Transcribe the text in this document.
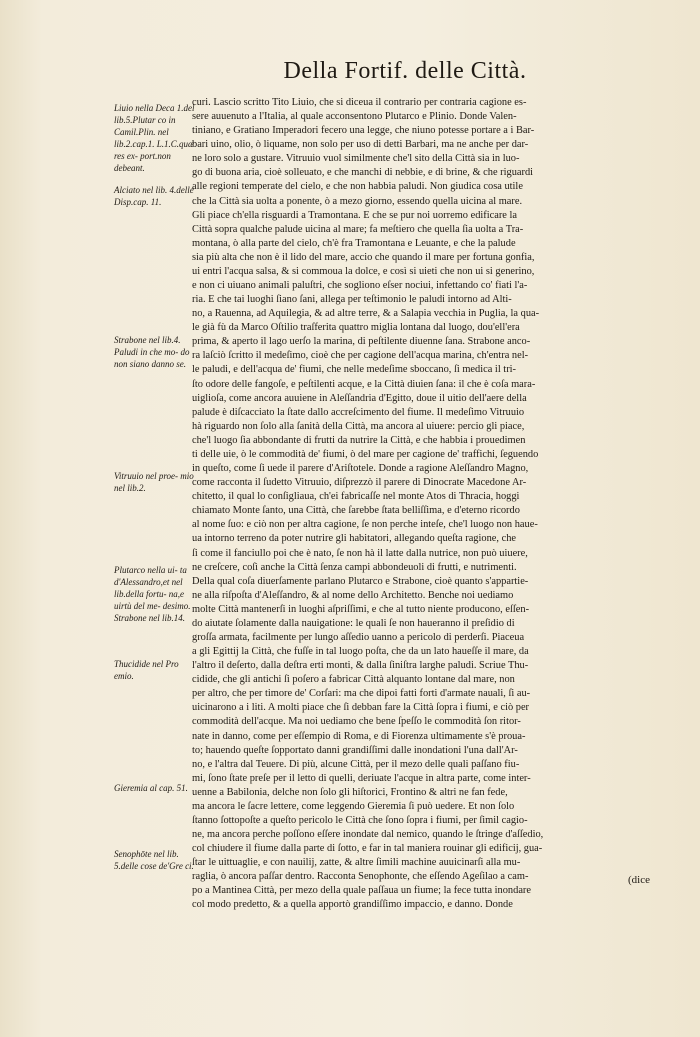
Della Fortif. delle Città.
Liuio nella Deca 1.del lib.5.Plutar co in Camil.Plin. nel lib.2.cap.1. L.1.C.quæ res ex- port.non debeant.
Alciato nel lib. 4.delle Disp.cap. 11.
Strabone nel lib.4. Paludi in che mo- do non siano danno se.
Vitruuio nel proe- mio nel lib.2.
Plutarco nella ui- ta d'Alessandro,et nel lib.della fortu- na,e uirtù del me- desimo. Strabone nel lib.14.
Thucidide nel Pro emio.
Gieremia al cap. 51.
Senophōte nel lib. 5.delle cose de'Gre ci.
curi. Lascio scritto Tito Liuio, che si diceua il contrario per contraria cagione es-
sere auuenuto a l'Italia, al quale acconsentono Plutarco e Plinio. Donde Valen-
tiniano, e Gratiano Imperadori fecero una legge, che niuno potesse portare a i Bar-
bari uino, olio, ò liquame, non solo per uso di detti Barbari, ma ne anche per dar-
ne loro solo a gustare. Vitruuio vuol similmente che'l sito della Città sia in luo-
go di buona aria, cioè solleuato, e che manchi di nebbie, e di brine, & che riguardi
alle regioni temperate del cielo, e che non habbia paludi. Non giudica cosa utile
che la Città sia uolta a ponente, ò a mezo giorno, essendo quella uicina al mare.
Gli piace ch'ella risguardi a Tramontana. E che se pur noi uorremo edificare la
Città sopra qualche palude uicina al mare; fa meſtiero che quella ſia uolta a Tra-
montana, ò alla parte del cielo, ch'è fra Tramontana e Leuante, e che la palude
sia più alta che non è il lido del mare, accio che quando il mare per fortuna gonfia,
ui entri l'acqua salsa, & si commoua la dolce, e così si uieti che non ui si generino,
e non ci uiuano animali paluſtri, che sogliono eſser nociui, infettando co' fiati l'a-
ria. E che tai luoghi ſiano ſani, allega per teſtimonio le paludi intorno ad Alti-
no, a Rauenna, ad Aquilegia, & ad altre terre, & a Salapia vecchia in Puglia, la qua-
le già fù da Marco Oſtilio traſferita quattro miglia lontana dal luogo, dou'ell'era
prima, & aperto il lago uerſo la marina, di peſtilente diuenne ſana. Strabone anco-
ra laſciò ſcritto il medeſimo, cioè che per cagione dell'acqua marina, ch'entra nel-
le paludi, e dell'acqua de' fiumi, che nelle medeſime sboccano, ſi medica il tri-
ſto odore delle fangoſe, e peſtilenti acque, e la Città diuien ſana: il che è coſa mara-
uiglioſa, come ancora auuiene in Aleſſandria d'Egitto, doue il uitio dell'aere della
palude è diſcacciato la ſtate dallo accreſcimento del fiume. Il medeſimo Vitruuio
hà riguardo non ſolo alla ſanità della Città, ma ancora al uiuere: percio gli piace,
che'l luogo ſia abbondante di frutti da nutrire la Città, e che habbia i prouedimen
ti delle uie, ò le commodità de' fiumi, ò del mare per cagione de' traffichi, ſeguendo
in queſto, come ſi uede il parere d'Ariſtotele. Donde a ragione Aleſſandro Magno,
come racconta il ſudetto Vitruuio, diſprezzò il parere di Dinocrate Macedone Ar-
chitetto, il qual lo conſigliaua, ch'ei fabricaſſe nel monte Atos di Thracia, hoggi
chiamato Monte ſanto, una Città, che ſarebbe ſtata belliſſima, e d'eterno ricordo
al nome ſuo: e ciò non per altra cagione, ſe non perche inteſe, che'l luogo non haue-
ua intorno terreno da poter nutrire gli habitatori, allegando queſta ragione, che
ſi come il fanciullo poi che è nato, ſe non hà il latte dalla nutrice, non può uiuere,
ne creſcere, coſì anche la Città ſenza campi abbondeuoli di frutti, e nutrimenti.
Della qual coſa diuerſamente parlano Plutarco e Strabone, cioè quanto s'appartie-
ne alla riſpoſta d'Aleſſandro, & al nome dello Architetto. Benche noi uediamo
molte Città mantenerſi in luoghi aſpriſſimi, e che al tutto niente producono, eſſen-
do aiutate ſolamente dalla nauigatione: le quali ſe non haueranno il preſidio di
groſſa armata, facilmente per lungo aſſedio uanno a pericolo di perderſi. Piaceua
a gli Egittij la Città, che fuſſe in tal luogo poſta, che da un lato haueſſe il mare, da
l'altro il deſerto, dalla deſtra erti monti, & dalla ſiniſtra larghe paludi. Scriue Thu-
cidide, che gli antichi ſi poſero a fabricar Città alquanto lontane dal mare, non
per altro, che per timore de' Corſari: ma che dipoi fatti forti d'armate nauali, ſi au-
uicinarono a i liti. A molti piace che ſi debban fare la Città ſopra i fiumi, e ciò per
commodità dell'acque. Ma noi uediamo che bene ſpeſſo le commodità ſon ritor-
nate in danno, come per eſſempio di Roma, e di Fiorenza ultimamente s'è proua-
to; hauendo queſte ſopportato danni grandiſſimi dalle inondationi l'una dall'Ar-
no, e l'altra dal Teuere. Di più, alcune Città, per il mezo delle quali paſſano fiu-
mi, ſono ſtate preſe per il letto di quelli, deriuate l'acque in altra parte, come inter-
uenne a Babilonia, delche non ſolo gli hiſtorici, Frontino & altri ne fan fede,
ma ancora le ſacre lettere, come leggendo Gieremia ſi può uedere. Et non ſolo
ſtanno ſottopoſte a queſto pericolo le Città che ſono ſopra i fiumi, per ſimil cagio-
ne, ma ancora perche poſſono eſſere inondate dal nemico, quando le ſtringe d'aſſedio,
col chiudere il fiume dalla parte di ſotto, e far in tal maniera rouinar gli edificij, gua-
ſtar le uittuaglie, e con nauilij, zatte, & altre ſimili machine auuicinarſi alla mu-
raglia, ò ancora paſſar dentro. Racconta Senophonte, che eſſendo Ageſilao a cam-
po a Mantinea Città, per mezo della quale paſſaua un fiume; la fece tutta inondare
col modo predetto, & a quella apportò grandiſſimo impaccio, e danno. Donde
(dice
